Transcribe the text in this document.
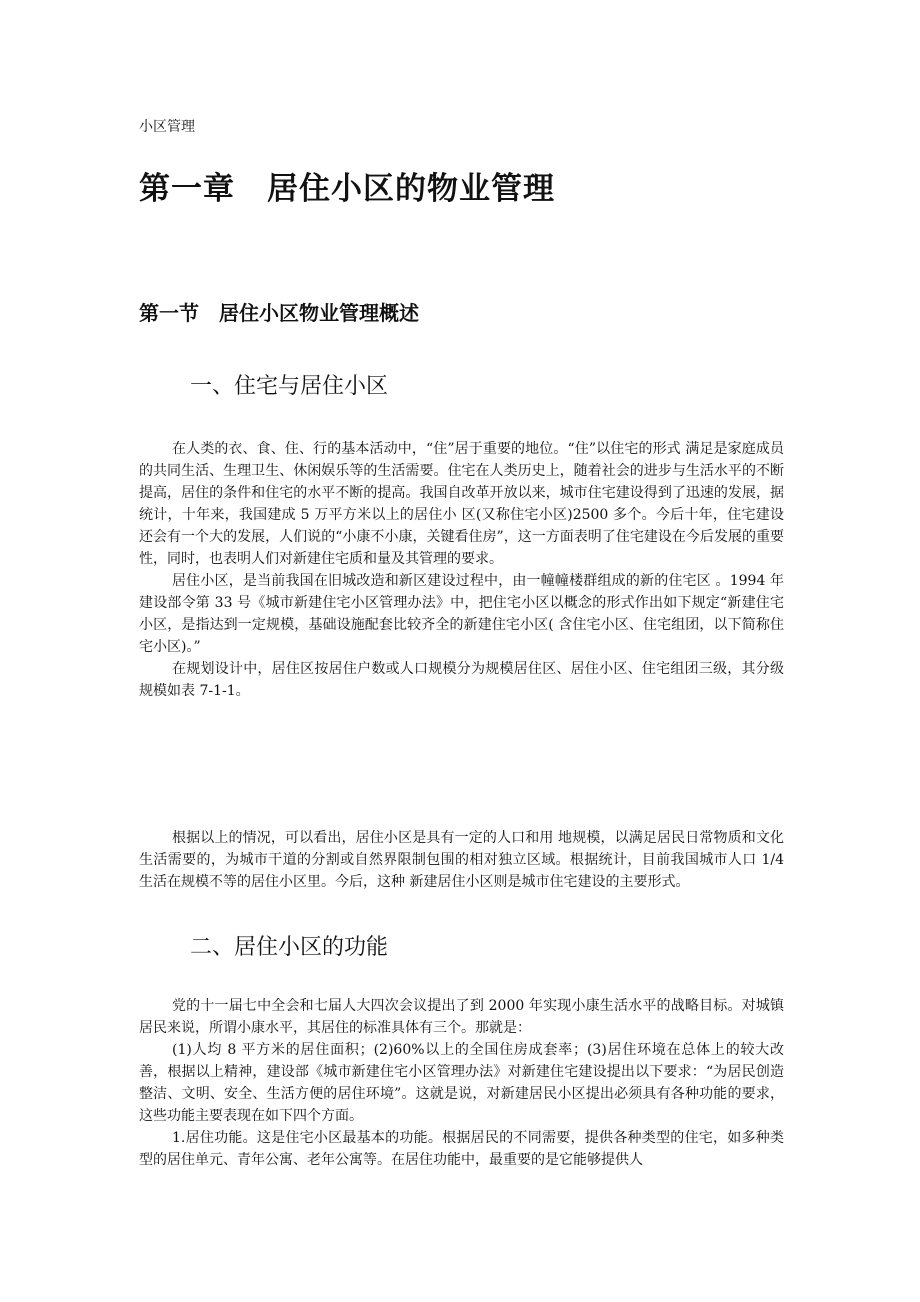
小区管理
第一章　居住小区的物业管理
第一节　居住小区物业管理概述
一、住宅与居住小区

在人类的衣、食、住、行的基本活动中，“住”居于重要的地位。“住”以住宅的形式 满足是家庭成员的共同生活、生理卫生、休闲娱乐等的生活需要。住宅在人类历史上，随着社会的进步与生活水平的不断提高，居住的条件和住宅的水平不断的提高。我国自改革开放以来，城市住宅建设得到了迅速的发展，据统计，十年来，我国建成 5 万平方米以上的居住小 区(又称住宅小区)2500 多个。今后十年，住宅建设还会有一个大的发展，人们说的“小康不小康，关键看住房”，这一方面表明了住宅建设在今后发展的重要性，同时，也表明人们对新建住宅质和量及其管理的要求。

居住小区，是当前我国在旧城改造和新区建设过程中，由一幢幢楼群组成的新的住宅区 。1994 年建设部令第 33 号《城市新建住宅小区管理办法》中，把住宅小区以概念的形式作出如下规定“新建住宅小区，是指达到一定规模，基础设施配套比较齐全的新建住宅小区( 含住宅小区、住宅组团，以下简称住宅小区)。”

在规划设计中，居住区按居住户数或人口规模分为规模居住区、居住小区、住宅组团三级，其分级规模如表 7-1-1。

根据以上的情况，可以看出，居住小区是具有一定的人口和用 地规模，以满足居民日常物质和文化生活需要的，为城市干道的分割或自然界限制包围的相对独立区域。根据统计，目前我国城市人口 1/4 生活在规模不等的居住小区里。今后，这种 新建居住小区则是城市住宅建设的主要形式。

二、居住小区的功能

党的十一届七中全会和七届人大四次会议提出了到 2000 年实现小康生活水平的战略目标。对城镇居民来说，所谓小康水平，其居住的标准具体有三个。那就是：

(1)人均 8 平方米的居住面积；(2)60%以上的全国住房成套率；(3)居住环境在总体上的较大改善，根据以上精神，建设部《城市新建住宅小区管理办法》对新建住宅建设提出以下要求：“为居民创造整洁、文明、安全、生活方便的居住环境”。这就是说，对新建居民小区提出必须具有各种功能的要求，这些功能主要表现在如下四个方面。

1.居住功能。这是住宅小区最基本的功能。根据居民的不同需要，提供各种类型的住宅，如多种类型的居住单元、青年公寓、老年公寓等。在居住功能中，最重要的是它能够提供人
